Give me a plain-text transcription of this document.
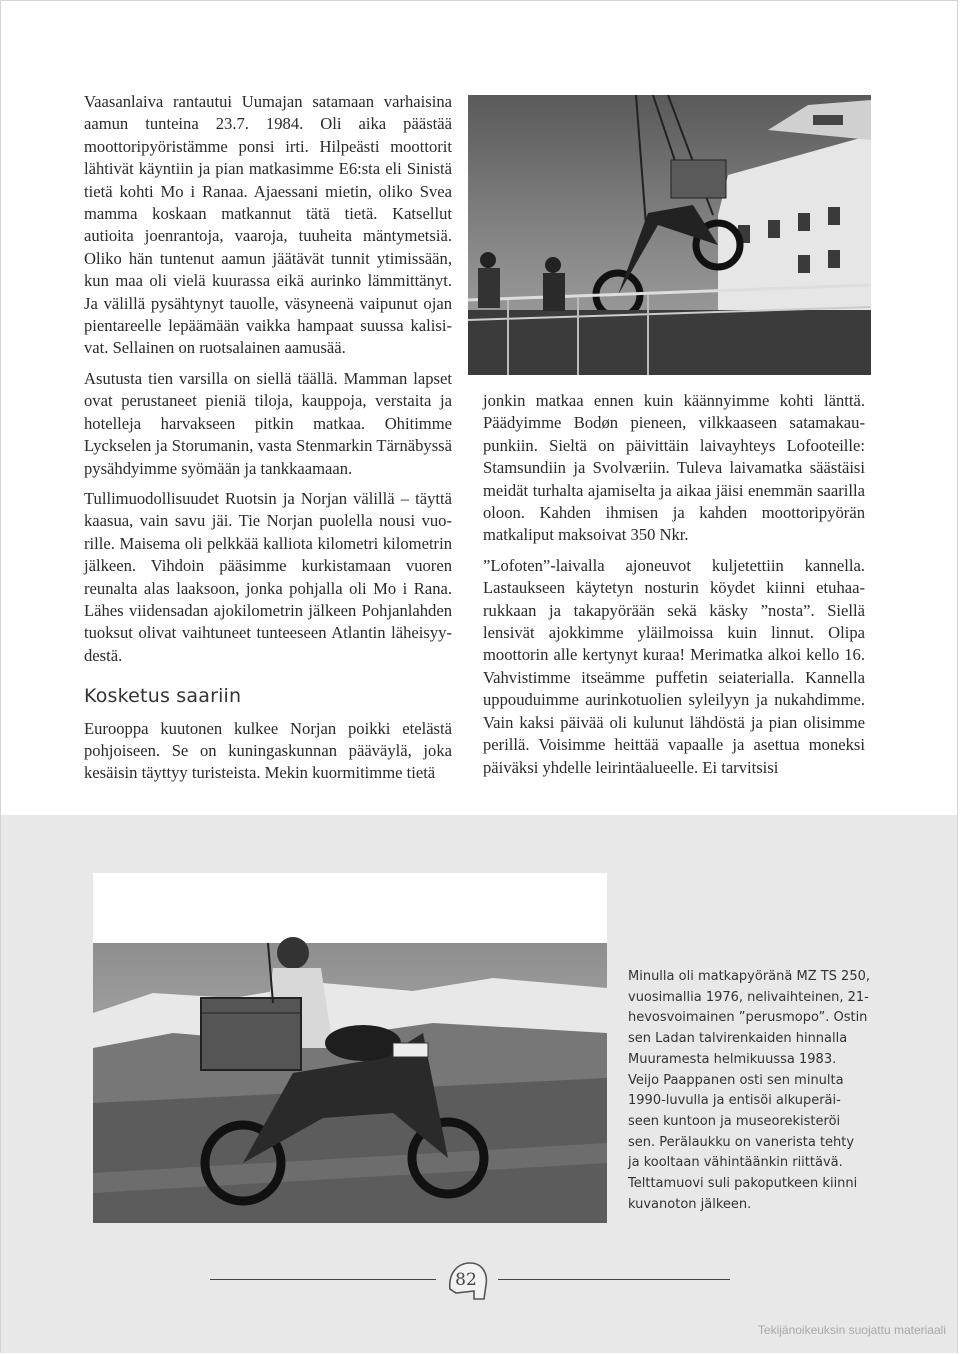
Vaasanlaiva rantautui Uumajan satamaan varhaisina aamun tunteina 23.7. 1984. Oli aika päästää moottoripyöristämme ponsi irti. Hilpeästi moottorit lähtivät käyntiin ja pian matkasimme E6:sta eli Sinistä tietä kohti Mo i Ranaa. Ajaessani mietin, oliko Svea mamma koskaan matkannut tätä tietä. Katsellut autioita joenrantoja, vaaroja, tuuheita mäntymetsiä. Oliko hän tuntenut aamun jäätävät tunnit ytimissään, kun maa oli vielä kuurassa eikä aurinko lämmittänyt. Ja välillä pysähtynyt tauolle, väsyneenä vaipunut ojan pientareelle lepäämään vaikka hampaat suussa kalisivat. Sellainen on ruotsalainen aamusää.

Asutusta tien varsilla on siellä täällä. Mamman lapset ovat perustaneet pieniä tiloja, kauppoja, verstaita ja hotelleja harvakseen pitkin matkaa. Ohitimme Lyckselen ja Storumanin, vasta Stenmarkin Tärnäbyssä pysähdyimme syömään ja tankkaamaan.

Tullimuodollisuudet Ruotsin ja Norjan välillä – täyttä kaasua, vain savu jäi. Tie Norjan puolella nousi vuorille. Maisema oli pelkkää kalliota kilometri kilometrin jälkeen. Vihdoin pääsimme kurkistamaan vuoren reunalta alas laaksoon, jonka pohjalla oli Mo i Rana. Lähes viidensadan ajokilometrin jälkeen Pohjanlahden tuoksut olivat vaihtuneet tunteeseen Atlantin läheisyydestä.

Kosketus saariin

Eurooppa kuutonen kulkee Norjan poikki etelästä pohjoiseen. Se on kuningaskunnan pääväylä, joka kesäisin täyttyy turisteista. Mekin kuormitimme tietä

jonkin matkaa ennen kuin käännyimme kohti länttä. Päädyimme Bodøn pieneen, vilkkaaseen satamakaupunkiin. Sieltä on päivittäin laivayhteys Lofooteille: Stamsundiin ja Svolværiin. Tuleva laivamatka säästäisi meidät turhalta ajamiselta ja aikaa jäisi enemmän saarilla oloon. Kahden ihmisen ja kahden moottoripyörän matkaliput maksoivat 350 Nkr.

”Lofoten”-laivalla ajoneuvot kuljetettiin kannella. Lastaukseen käytetyn nosturin köydet kiinni etuhaarukkaan ja takapyörään sekä käsky ”nosta”. Siellä lensivät ajokkimme yläilmoissa kuin linnut. Olipa moottorin alle kertynyt kuraa! Merimatka alkoi kello 16. Vahvistimme itseämme puffetin seiaterialla. Kannella uppouduimme aurinkotuolien syleilyyn ja nukahdimme. Vain kaksi päivää oli kulunut lähdöstä ja pian olisimme perillä. Voisimme heittää vapaalle ja asettua moneksi päiväksi yhdelle leirintäalueelle. Ei tarvitsisi

Minulla oli matkapyöränä MZ TS 250,
vuosimallia 1976, nelivaihteinen, 21-
hevosvoimainen ”perusmopo”. Ostin
sen Ladan talvirenkaiden hinnalla
Muuramesta helmikuussa 1983.
Veijo Paappanen osti sen minulta
1990-luvulla ja entisöi alkuperäi-
seen kuntoon ja museorekisteröi
sen. Perälaukku on vanerista tehty
ja kooltaan vähintäänkin riittävä.
Telttamuovi suli pakoputkeen kiinni
kuvanoton jälkeen.
82
Tekijänoikeuksin suojattu materiaali
